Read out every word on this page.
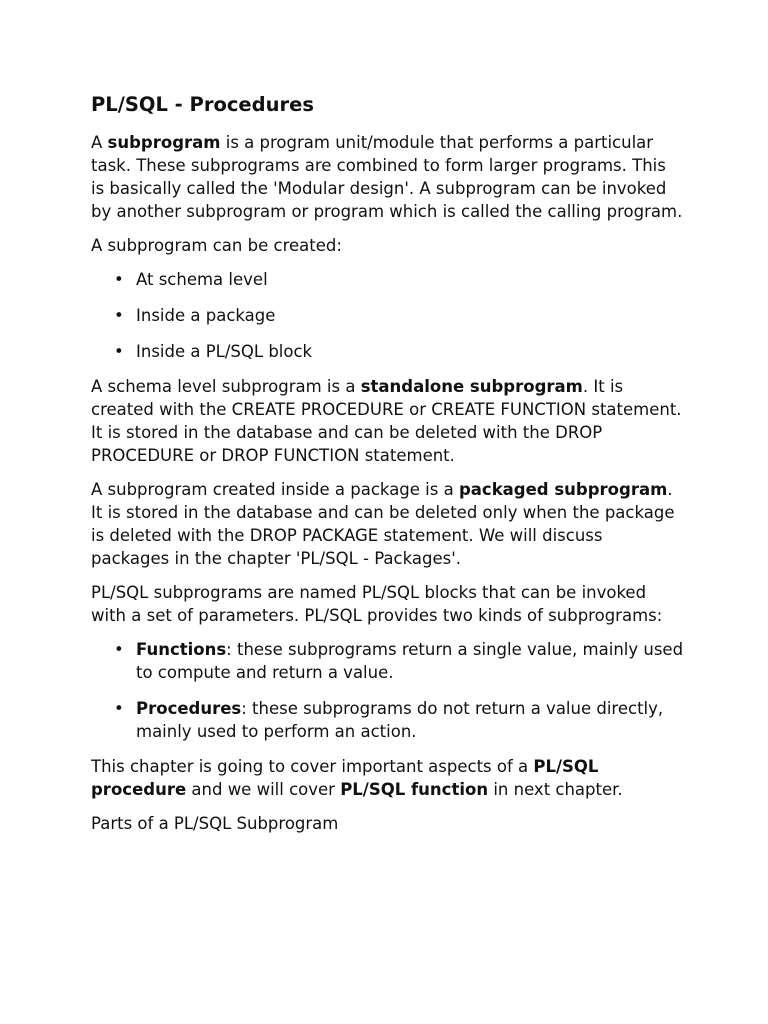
PL/SQL - Procedures

A subprogram is a program unit/module that performs a particular task. These subprograms are combined to form larger programs. This is basically called the 'Modular design'. A subprogram can be invoked by another subprogram or program which is called the calling program.

A subprogram can be created:

• At schema level
• Inside a package
• Inside a PL/SQL block

A schema level subprogram is a standalone subprogram. It is created with the CREATE PROCEDURE or CREATE FUNCTION statement. It is stored in the database and can be deleted with the DROP PROCEDURE or DROP FUNCTION statement.

A subprogram created inside a package is a packaged subprogram. It is stored in the database and can be deleted only when the package is deleted with the DROP PACKAGE statement. We will discuss packages in the chapter 'PL/SQL - Packages'.

PL/SQL subprograms are named PL/SQL blocks that can be invoked with a set of parameters. PL/SQL provides two kinds of subprograms:

• Functions: these subprograms return a single value, mainly used to compute and return a value.
• Procedures: these subprograms do not return a value directly, mainly used to perform an action.

This chapter is going to cover important aspects of a PL/SQL procedure and we will cover PL/SQL function in next chapter.

Parts of a PL/SQL Subprogram
